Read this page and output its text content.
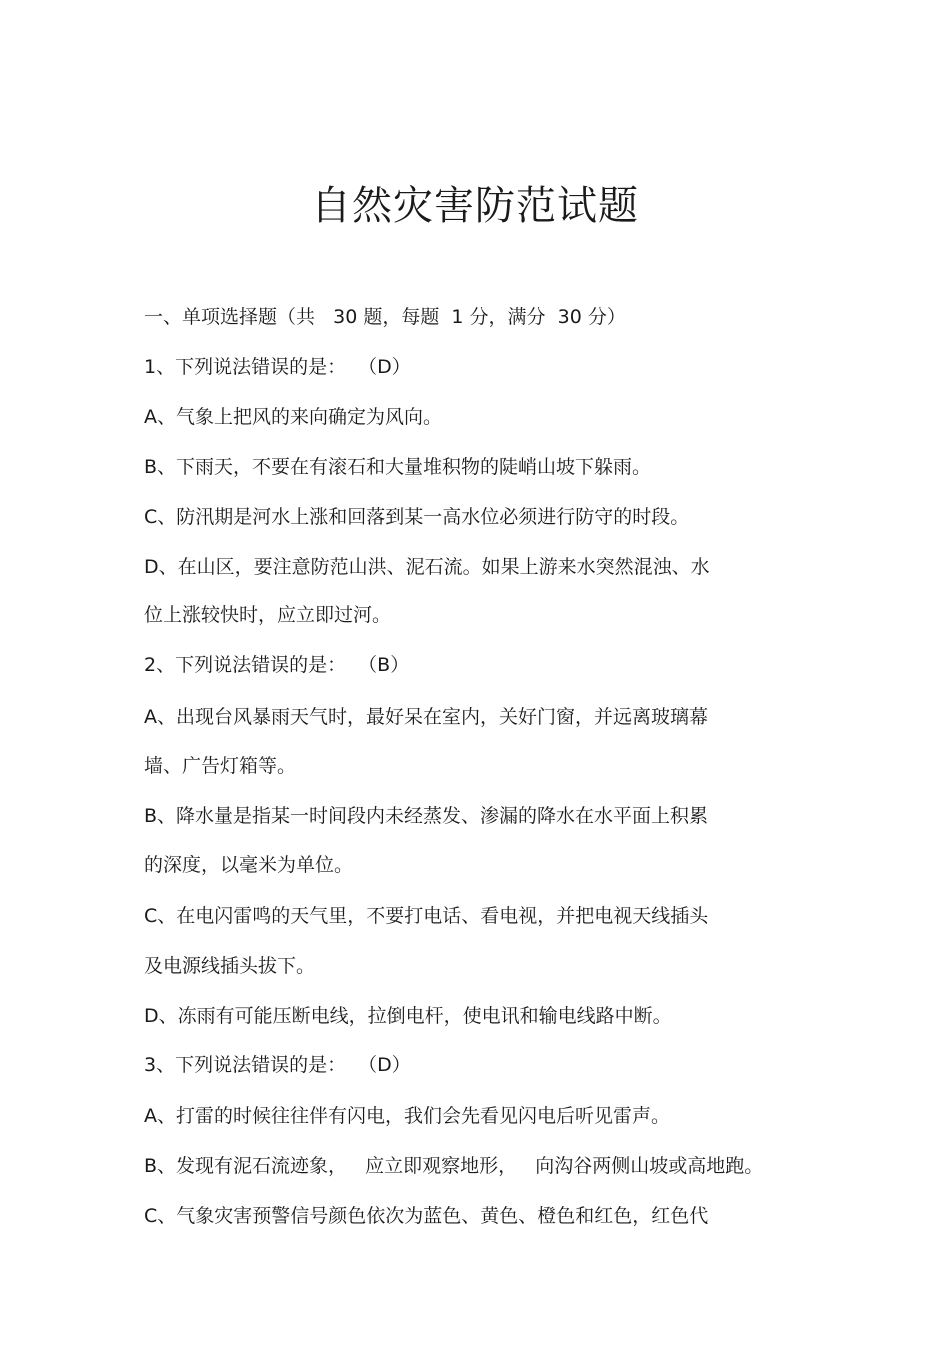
自然灾害防范试题
一、单项选择题（共   30 题，每题  1 分，满分  30 分）
1、下列说法错误的是：  （D）
A、气象上把风的来向确定为风向。
B、下雨天，不要在有滚石和大量堆积物的陡峭山坡下躲雨。
C、防汛期是河水上涨和回落到某一高水位必须进行防守的时段。
D、在山区，要注意防范山洪、泥石流。如果上游来水突然混浊、水
位上涨较快时，应立即过河。
2、下列说法错误的是：  （B）
A、出现台风暴雨天气时，最好呆在室内，关好门窗，并远离玻璃幕
墙、广告灯箱等。
B、降水量是指某一时间段内未经蒸发、渗漏的降水在水平面上积累
的深度，以毫米为单位。
C、在电闪雷鸣的天气里，不要打电话、看电视，并把电视天线插头
及电源线插头拔下。
D、冻雨有可能压断电线，拉倒电杆，使电讯和输电线路中断。
3、下列说法错误的是：  （D）
A、打雷的时候往往伴有闪电，我们会先看见闪电后听见雷声。
B、发现有泥石流迹象，   应立即观察地形，   向沟谷两侧山坡或高地跑。
C、气象灾害预警信号颜色依次为蓝色、黄色、橙色和红色，红色代
